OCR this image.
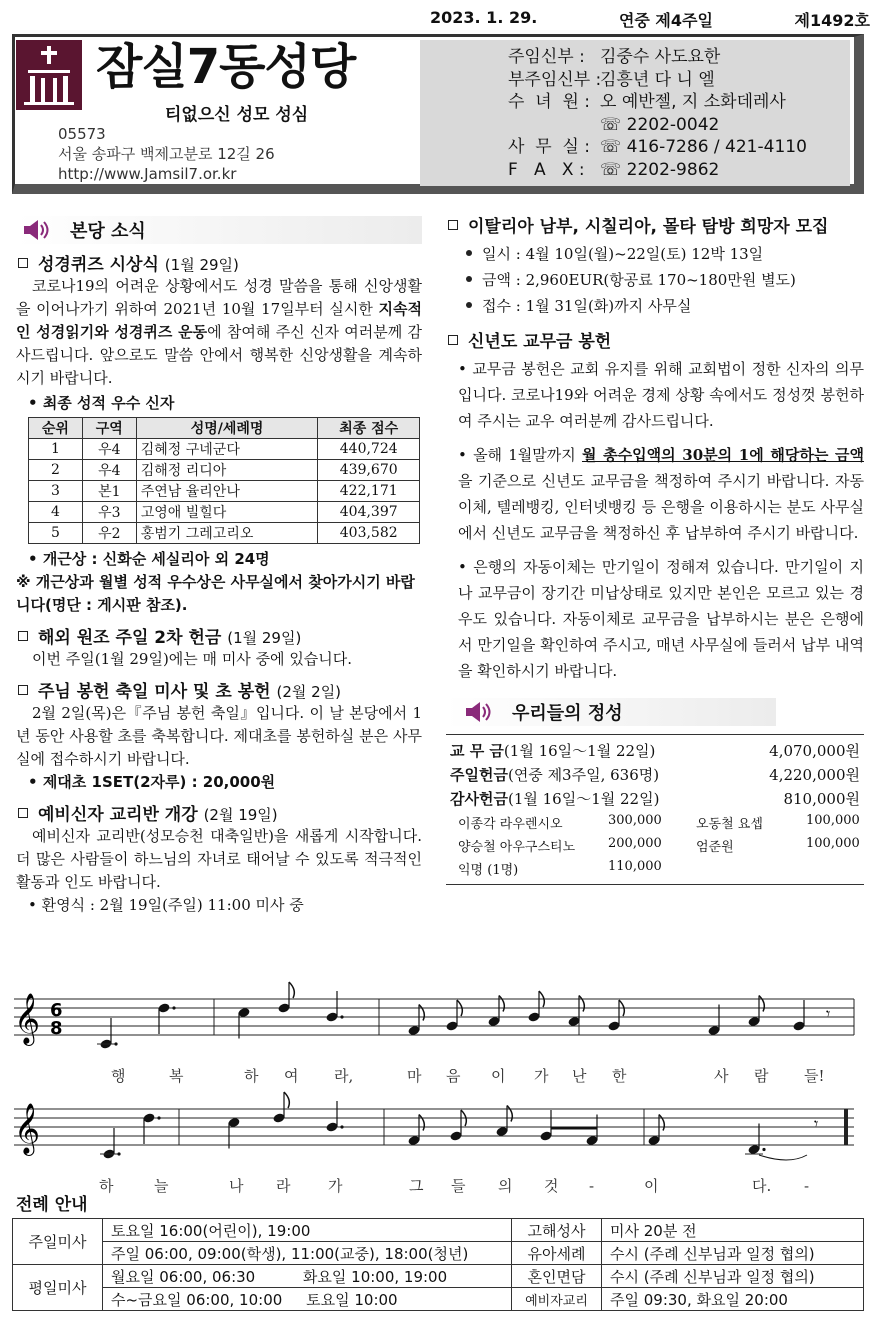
2023. 1. 29.	연중 제4주일	제1492호
잠실7동성당
티없으신 성모 성심
05573
서울 송파구 백제고분로 12길 26
http://www.Jamsil7.or.kr
주임신부 : 김중수 사도요한
부주임신부 :
김흥년 다 니 엘
수  녀  원 : 오 예반젤, 지 소화데레사
☏ 2202-0042
사  무  실 : ☏ 416-7286 / 421-4110
F   A   X : ☏ 2202-9862
본당 소식
성경퀴즈 시상식 (1월 29일)
코로나19의 어려운 상황에서도 성경 말씀을 통해 신앙생활을 이어나가기 위하여 2021년 10월 17일부터 실시한 지속적인 성경읽기와 성경퀴즈 운동에 참여해 주신 신자 여러분께 감사드립니다. 앞으로도 말씀 안에서 행복한 신앙생활을 계속하시기 바랍니다.
• 최종 성적 우수 신자
순위	구역	성명/세례명	최종 점수
1	우4	김혜정 구네군다	440,724
2	우4	김해정 리디아	439,670
3	본1	주연남 율리안나	422,171
4	우3	고영애 빌힐다	404,397
5	우2	홍범기 그레고리오	403,582
• 개근상 : 신화순 세실리아 외 24명
※ 개근상과 월별 성적 우수상은 사무실에서 찾아가시기 바랍니다(명단 : 게시판 참조).
해외 원조 주일 2차 헌금 (1월 29일)
이번 주일(1월 29일)에는 매 미사 중에 있습니다.
주님 봉헌 축일 미사 및 초 봉헌 (2월 2일)
2월 2일(목)은『주님 봉헌 축일』입니다. 이 날 본당에서 1년 동안 사용할 초를 축복합니다. 제대초를 봉헌하실 분은 사무실에 접수하시기 바랍니다.
• 제대초 1SET(2자루) : 20,000원
예비신자 교리반 개강 (2월 19일)
예비신자 교리반(성모승천 대축일반)을 새롭게 시작합니다. 더 많은 사람들이 하느님의 자녀로 태어날 수 있도록 적극적인 활동과 인도 바랍니다.
• 환영식 : 2월 19일(주일) 11:00 미사 중
이탈리아 남부, 시칠리아, 몰타 탐방 희망자 모집
일시 : 4월 10일(월)~22일(토) 12박 13일
금액 : 2,960EUR(항공료 170~180만원 별도)
접수 : 1월 31일(화)까지 사무실
신년도 교무금 봉헌
• 교무금 봉헌은 교회 유지를 위해 교회법이 정한 신자의 의무입니다. 코로나19와 어려운 경제 상황 속에서도 정성껏 봉헌하여 주시는 교우 여러분께 감사드립니다.
• 올해 1월말까지 월 총수입액의 30분의 1에 해당하는 금액을 기준으로 신년도 교무금을 책정하여 주시기 바랍니다. 자동이체, 텔레뱅킹, 인터넷뱅킹 등 은행을 이용하시는 분도 사무실에서 신년도 교무금을 책정하신 후 납부하여 주시기 바랍니다.
• 은행의 자동이체는 만기일이 정해져 있습니다. 만기일이 지나 교무금이 장기간 미납상태로 있지만 본인은 모르고 있는 경우도 있습니다. 자동이체로 교무금을 납부하시는 분은 은행에서 만기일을 확인하여 주시고, 매년 사무실에 들러서 납부 내역을 확인하시기 바랍니다.
우리들의 정성
교 무 금(1월 16일～1월 22일)	4,070,000원
주일헌금(연중 제3주일, 636명)	4,220,000원
감사헌금(1월 16일～1월 22일)	810,000원
이종각 라우렌시오	300,000	오동철 요셉	100,000
양승철 아우구스티노	200,000	엄준원	100,000
익명 (1명)	110,000
𝄞 6
8
𝄞
𝄾
𝄾
행	복	하 여 라,	마 음 이 가 난 한	사 람 들!
하	늘	나 라	가	그 들 의 것 -	이	다. -
전례 안내
주일미사	토요일 16:00(어린이), 19:00	고해성사	미사 20분 전
	주일 06:00, 09:00(학생), 11:00(교중), 18:00(청년)	유아세례	수시 (주례 신부님과 일정 협의)
평일미사	월요일 06:00, 06:30          화요일 10:00, 19:00	혼인면담	수시 (주례 신부님과 일정 협의)
	수~금요일 06:00, 10:00     토요일 10:00	예비자교리	주일 09:30, 화요일 20:00
